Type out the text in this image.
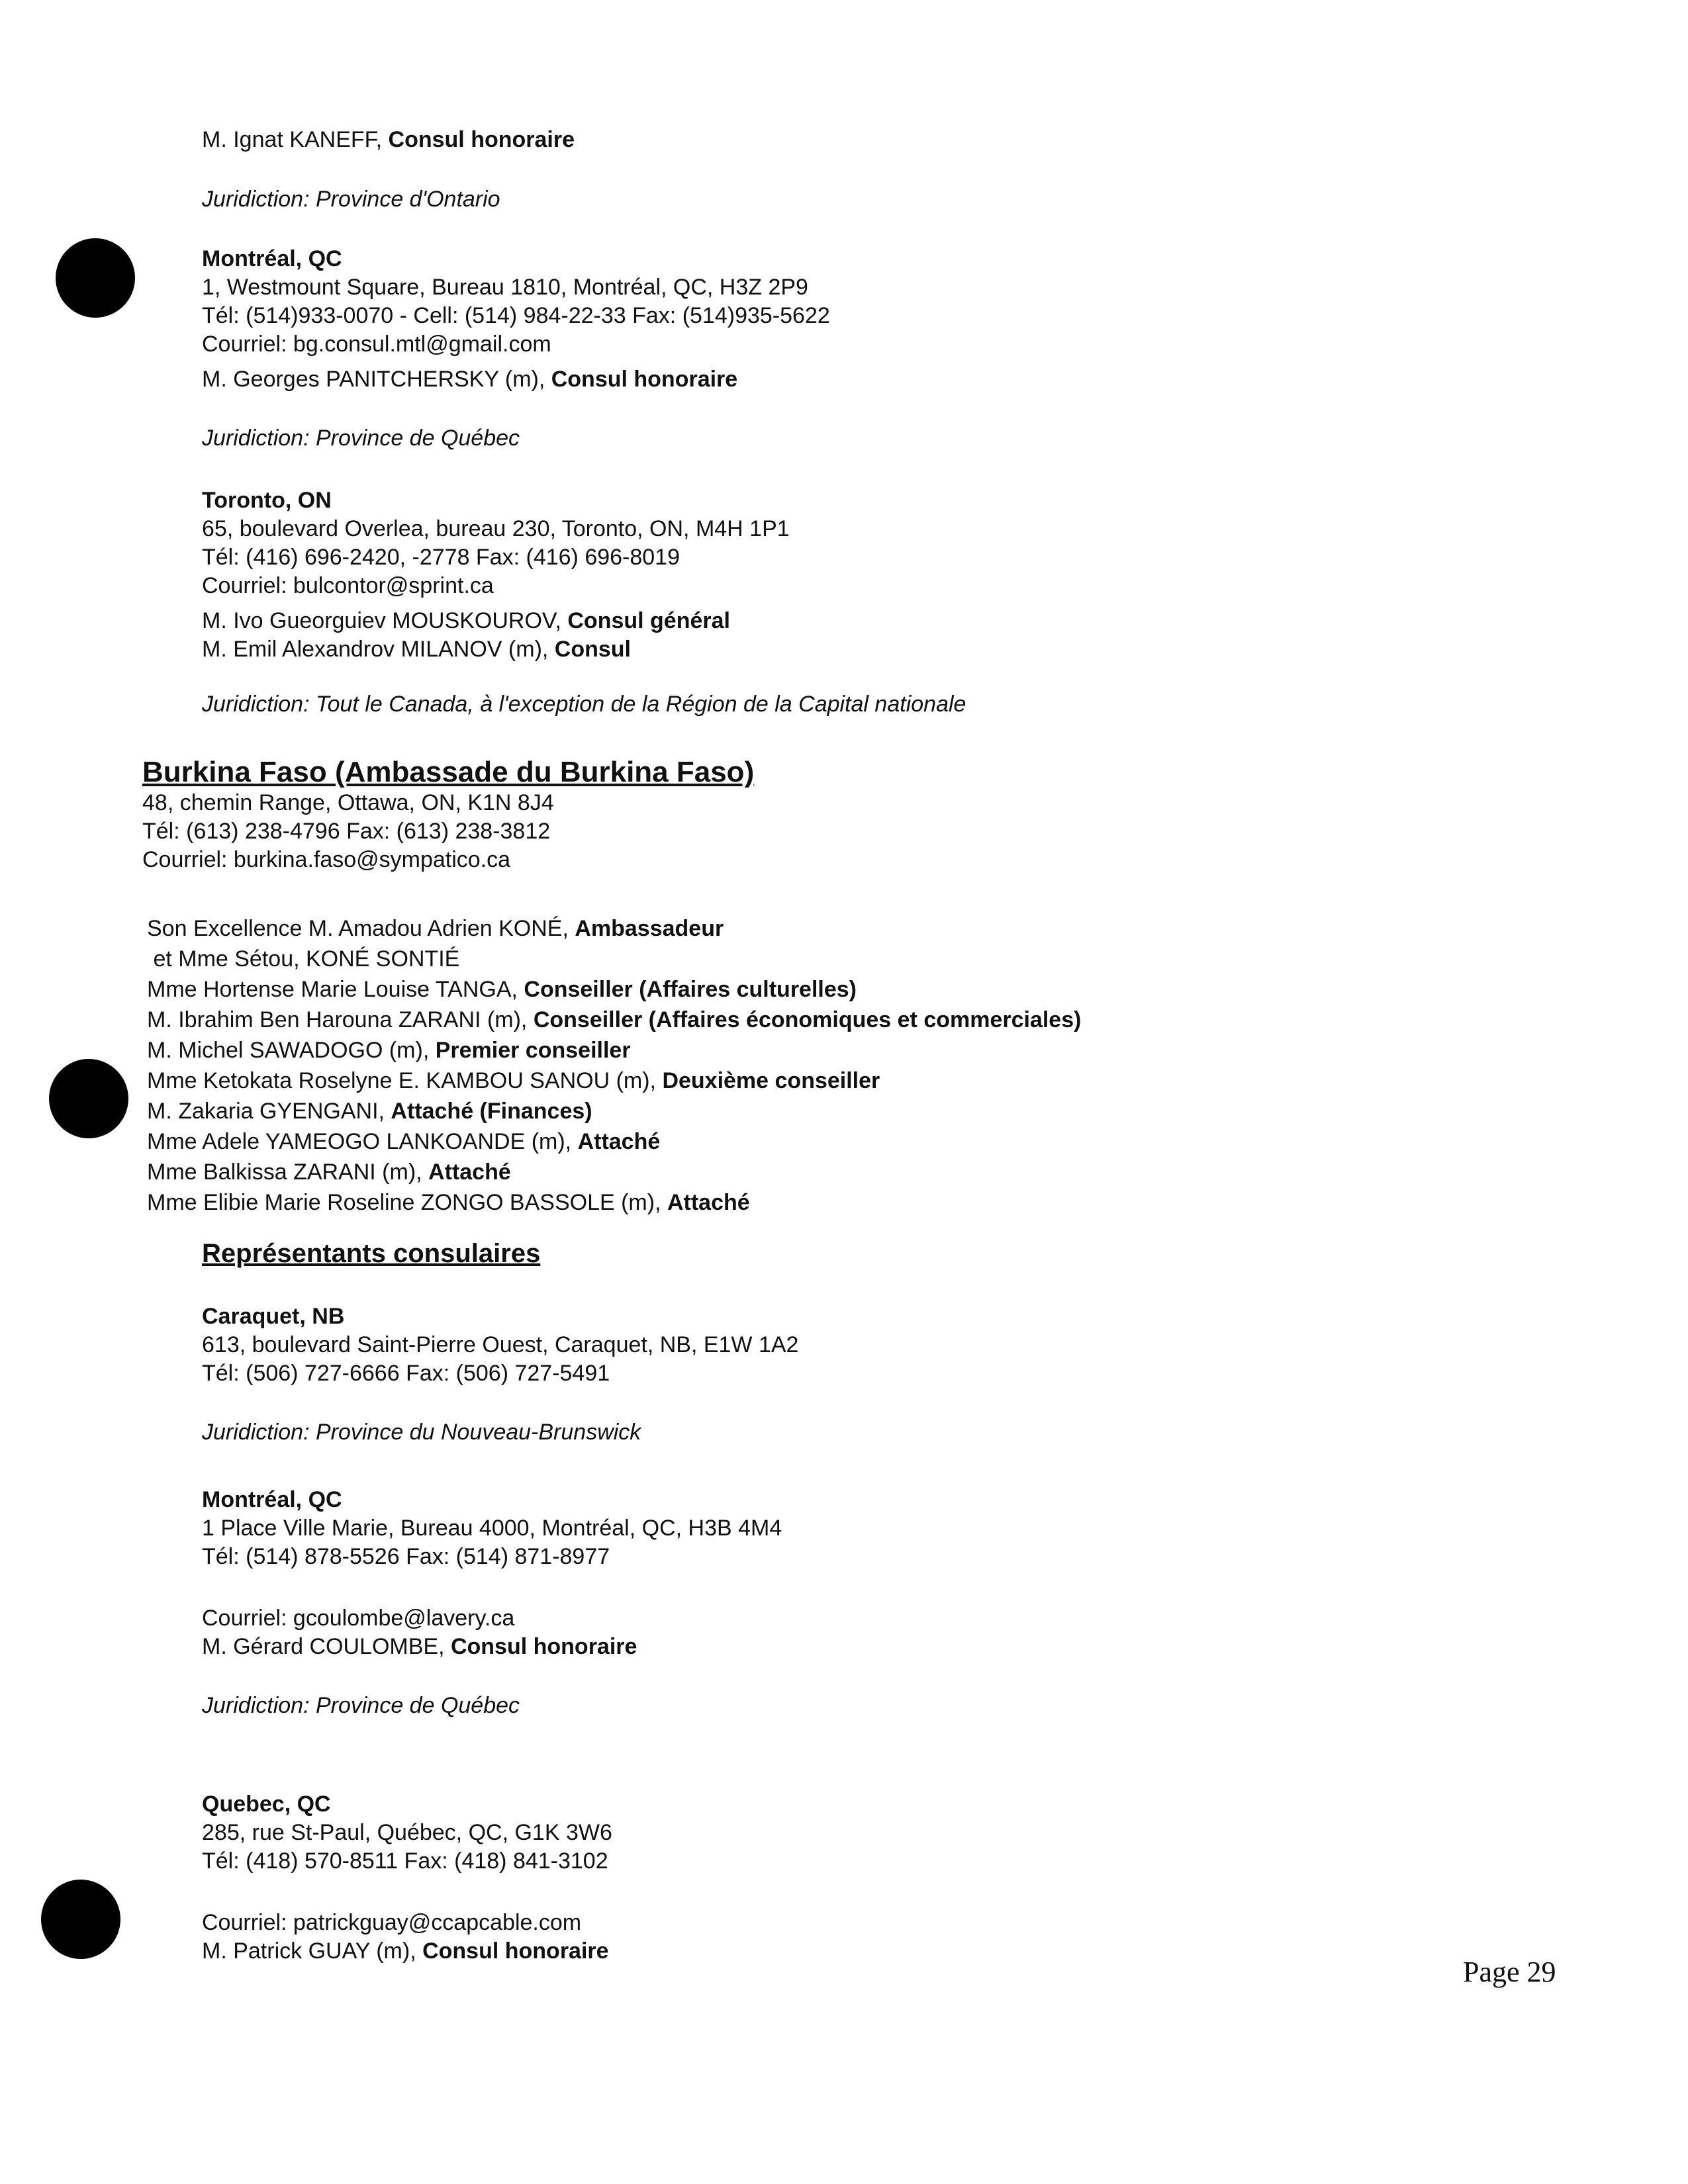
M. Ignat KANEFF, Consul honoraire
Juridiction: Province d'Ontario
Montréal, QC
1, Westmount Square, Bureau 1810, Montréal, QC, H3Z 2P9
Tél: (514)933-0070 - Cell: (514) 984-22-33 Fax: (514)935-5622
Courriel: bg.consul.mtl@gmail.com
M. Georges PANITCHERSKY (m), Consul honoraire
Juridiction: Province de Québec
Toronto, ON
65, boulevard Overlea, bureau 230, Toronto, ON, M4H 1P1
Tél: (416) 696-2420, -2778 Fax: (416) 696-8019
Courriel: bulcontor@sprint.ca
M. Ivo Gueorguiev MOUSKOUROV, Consul général
M. Emil Alexandrov MILANOV (m), Consul
Juridiction: Tout le Canada, à l'exception de la Région de la Capital nationale
Burkina Faso (Ambassade du Burkina Faso)
48, chemin Range, Ottawa, ON, K1N 8J4
Tél: (613) 238-4796 Fax: (613) 238-3812
Courriel: burkina.faso@sympatico.ca
Son Excellence M. Amadou Adrien KONÉ, Ambassadeur
et Mme Sétou, KONÉ SONTIÉ
Mme Hortense Marie Louise TANGA, Conseiller (Affaires culturelles)
M. Ibrahim Ben Harouna ZARANI (m), Conseiller (Affaires économiques et commerciales)
M. Michel SAWADOGO (m), Premier conseiller
Mme Ketokata Roselyne E. KAMBOU SANOU (m), Deuxième conseiller
M. Zakaria GYENGANI, Attaché (Finances)
Mme Adele YAMEOGO LANKOANDE (m), Attaché
Mme Balkissa ZARANI (m), Attaché
Mme Elibie Marie Roseline ZONGO BASSOLE (m), Attaché
Représentants consulaires
Caraquet, NB
613, boulevard Saint-Pierre Ouest, Caraquet, NB, E1W 1A2
Tél: (506) 727-6666 Fax: (506) 727-5491
Juridiction: Province du Nouveau-Brunswick
Montréal, QC
1 Place Ville Marie, Bureau 4000, Montréal, QC, H3B 4M4
Tél: (514) 878-5526 Fax: (514) 871-8977
Courriel: gcoulombe@lavery.ca
M. Gérard COULOMBE, Consul honoraire
Juridiction: Province de Québec
Quebec, QC
285, rue St-Paul, Québec, QC, G1K 3W6
Tél: (418) 570-8511 Fax: (418) 841-3102
Courriel: patrickguay@ccapcable.com
M. Patrick GUAY (m), Consul honoraire
Page 29
